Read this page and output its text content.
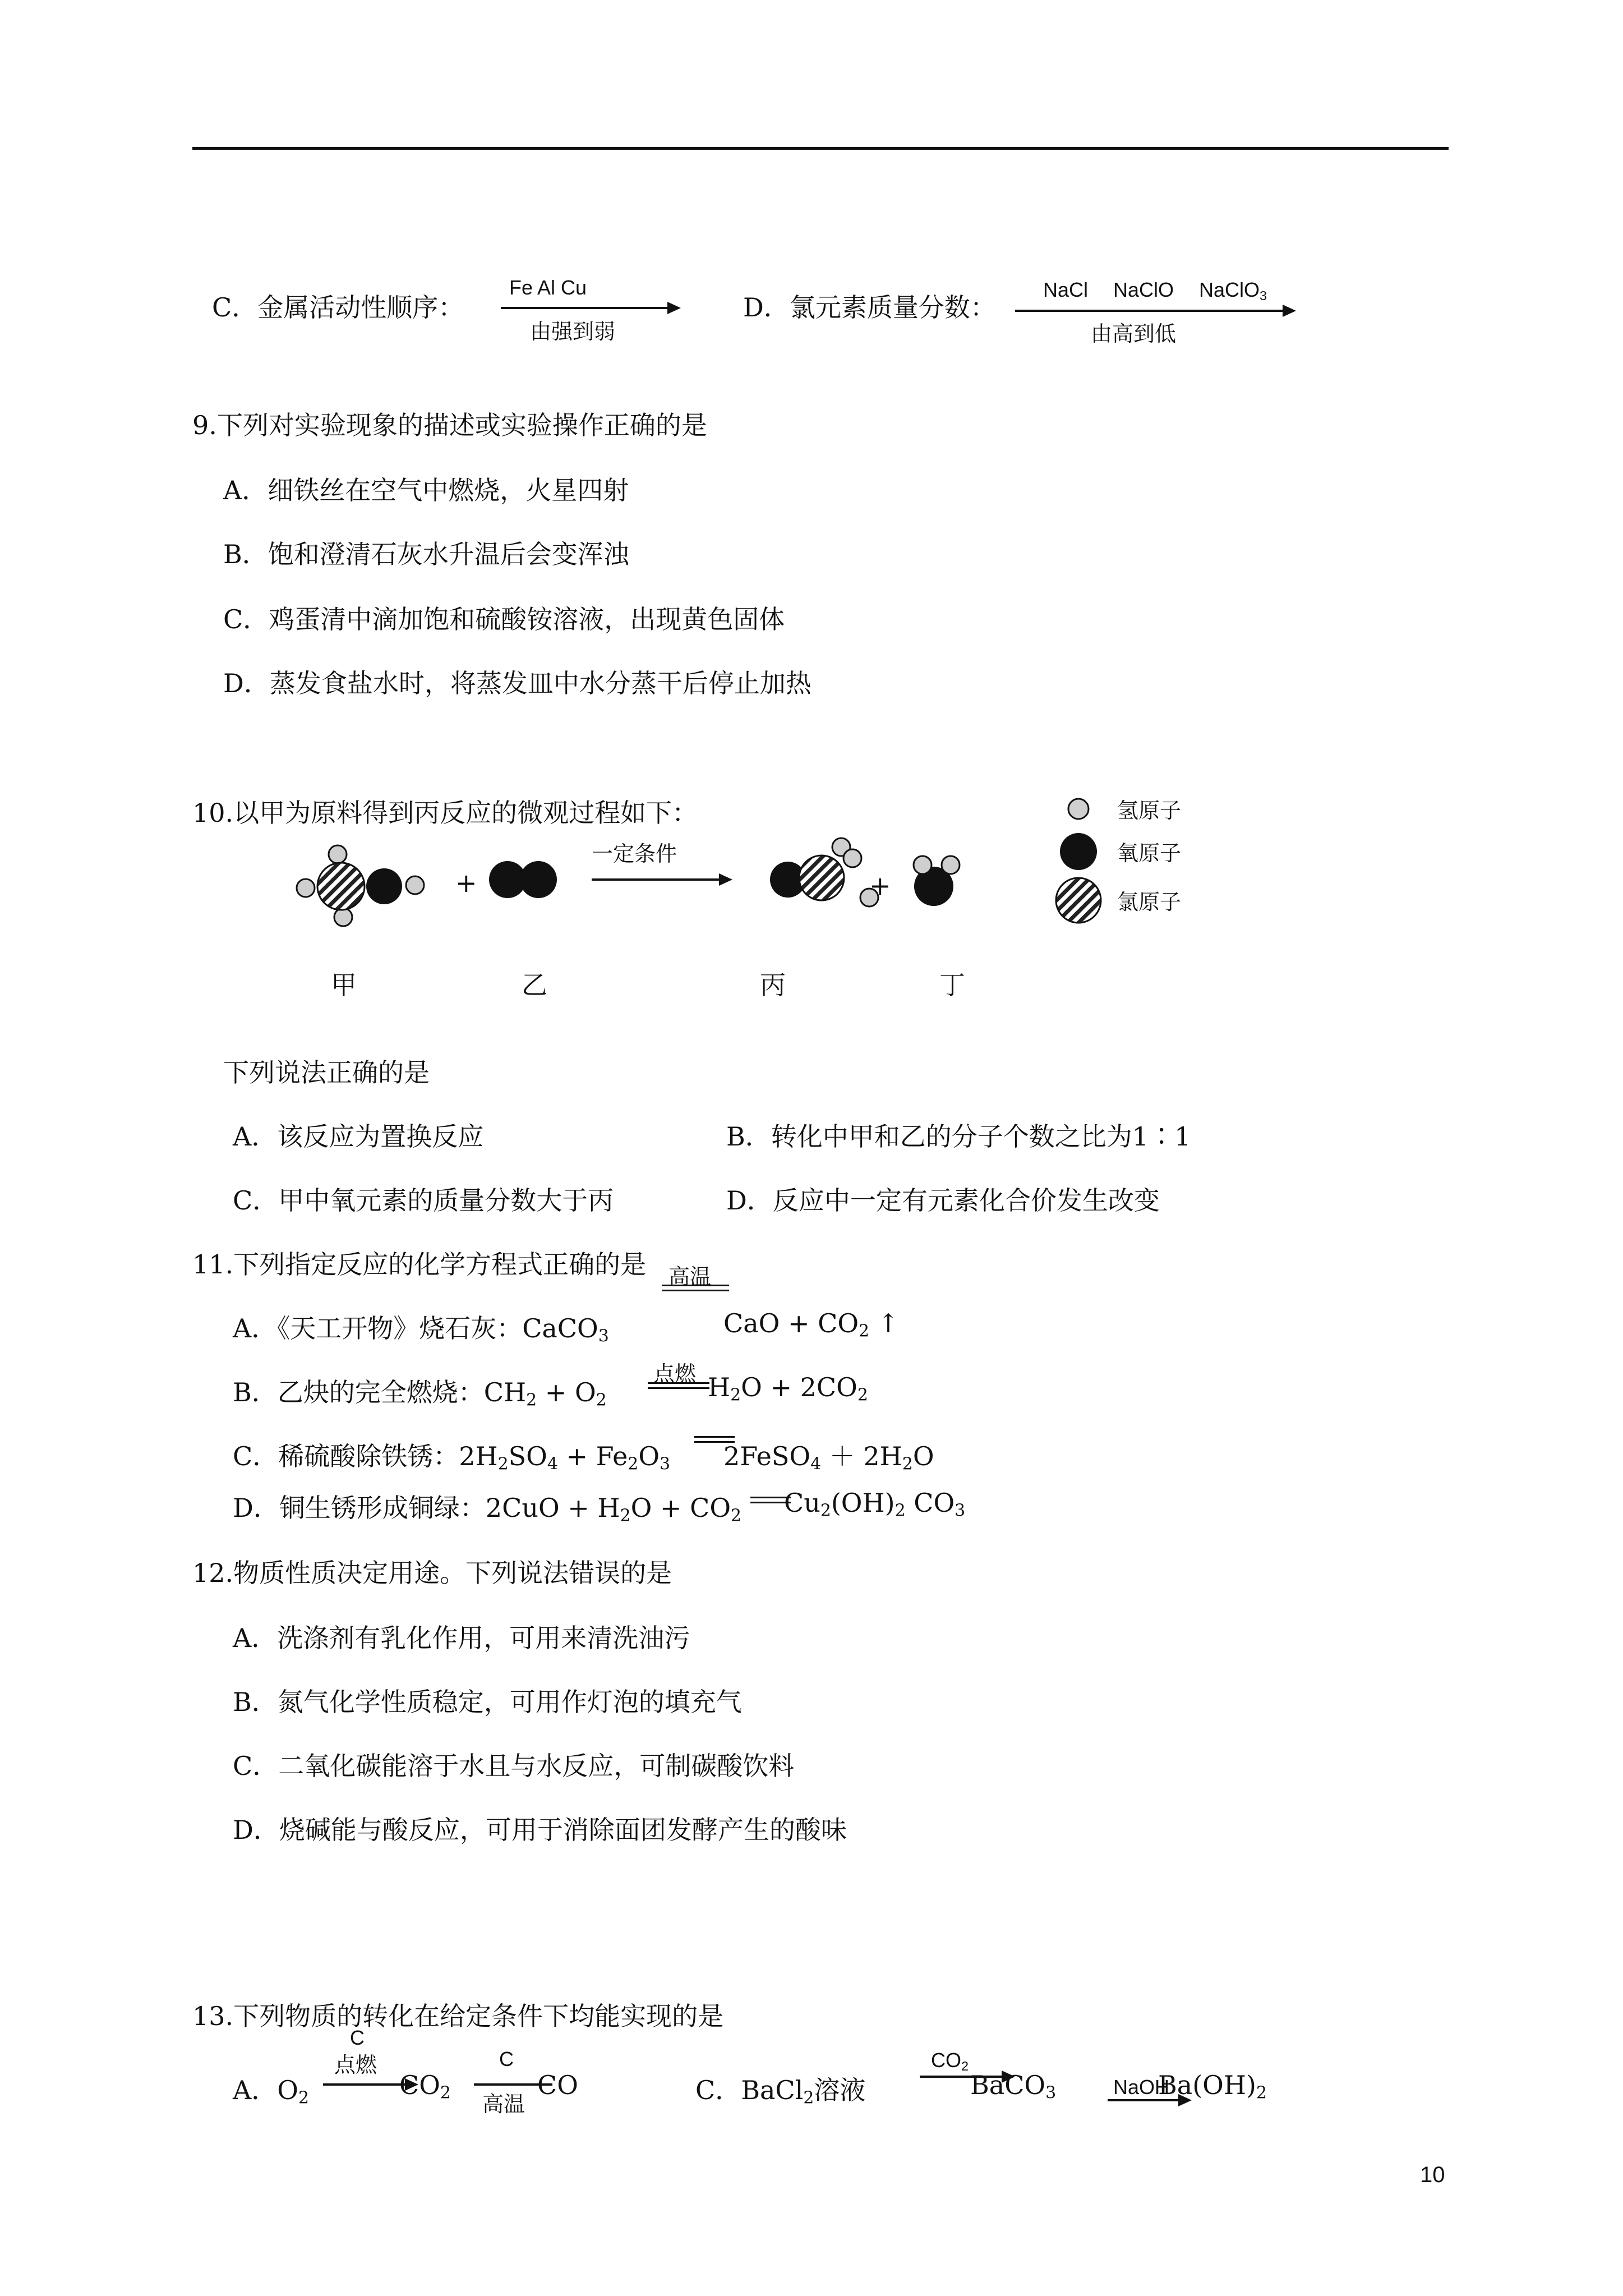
C．金属活动性顺序：
Fe Al Cu
由强到弱
D．氯元素质量分数：
NaCl NaClO NaClO$_3$
由高到低
9.下列对实验现象的描述或实验操作正确的是
A．细铁丝在空气中燃烧，火星四射
B．饱和澄清石灰水升温后会变浑浊
C．鸡蛋清中滴加饱和硫酸铵溶液，出现黄色固体
D．蒸发食盐水时，将蒸发皿中水分蒸干后停止加热
10.以甲为原料得到丙反应的微观过程如下：
+
一定条件
+
氢原子
氧原子
氯原子
甲	乙	丙	丁
下列说法正确的是
A．该反应为置换反应	B．转化中甲和乙的分子个数之比为1∶1
C．甲中氧元素的质量分数大于丙	D．反应中一定有元素化合价发生改变
11.下列指定反应的化学方程式正确的是 高温
A．《天工开物》烧石灰：CaCO$_3$	CaO + $CO_2$ ↑
B．乙炔的完全燃烧：$CH_2 + O_2$
点燃 $H_2O + 2CO_2$
C．稀硫酸除铁锈：$2H_2SO_4 + Fe_2O_3$ 2FeSO$_4$ ＋ $2H_2O$
D．铜生锈形成铜绿：$2CuO + H_2O + CO_2$ $Cu_2(OH)_2$ $CO_3$
12.物质性质决定用途。下列说法错误的是
A．洗涤剂有乳化作用，可用来清洗油污
B．氮气化学性质稳定，可用作灯泡的填充气
C．二氧化碳能溶于水且与水反应，可制碳酸饮料
D．烧碱能与酸反应，可用于消除面团发酵产生的酸味
13.下列物质的转化在给定条件下均能实现的是
A．$O_2$
C
点燃
$CO_2$
C
高温
CO	C．BaCl$_2$溶液
$CO_2$
BaCO$_3$	NaOH
$Ba(OH)_2$
10
